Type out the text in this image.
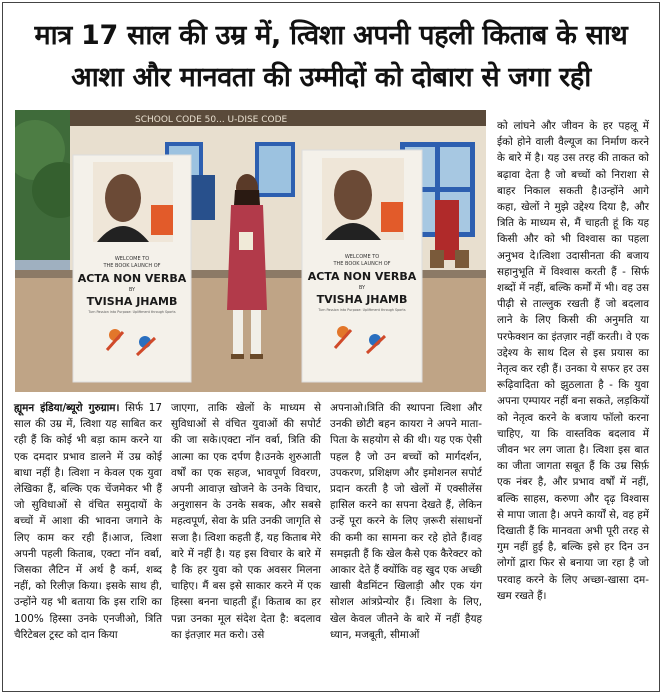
मात्र 17 साल की उम्र में, त्विशा अपनी पहली किताब के साथ
आशा और मानवता की उम्मीदों को दोबारा से जगा रही
SCHOOL CODE 50... U-DISE CODE
WELCOME TO
THE BOOK LAUNCH OF
ACTA NON VERBA
BY
TVISHA JHAMB
Turn Passion into Purpose: Upliftment through Sports
WELCOME TO
THE BOOK LAUNCH OF
ACTA NON VERBA
BY
TVISHA JHAMB
Turn Passion into Purpose: Upliftment through Sports

ह्यूमन इंडिया/ब्यूरो गुरुग्राम। सिर्फ 17 साल की उम्र में, त्विशा यह साबित कर रही हैं कि कोई भी बड़ा काम करने या एक दमदार प्रभाव डालने में उम्र कोई बाधा नहीं है। त्विशा न केवल एक युवा लेखिका हैं, बल्कि एक चेंजमेकर भी हैं जो सुविधाओं से वंचित समुदायों के बच्चों में आशा की भावना जगाने के लिए काम कर रही हैं।आज, त्विशा अपनी पहली किताब, एक्टा नॉन वर्बा, जिसका लैटिन में अर्थ है कर्म, शब्द नहीं, को रिलीज़ किया। इसके साथ ही, उन्होंने यह भी बताया कि इस राशि का 100% हिस्सा उनके एनजीओ, त्रिति चैरिटेबल ट्रस्ट को दान किया

जाएगा, ताकि खेलों के माध्यम से सुविधाओं से वंचित युवाओं की सपोर्ट की जा सके।एक्टा नॉन वर्बा, त्रिति की आत्मा का एक दर्पण है।उनके शुरुआती वर्षों का एक सहज, भावपूर्ण विवरण, अपनी आवाज़ खोजने के उनके विचार, अनुशासन के उनके सबक, और सबसे महत्वपूर्ण, सेवा के प्रति उनकी जागृति से सजा है। त्विशा कहती हैं, यह किताब मेरे बारे में नहीं है। यह इस विचार के बारे में है कि हर युवा को एक अवसर मिलना चाहिए। मैं बस इसे साकार करने में एक हिस्सा बनना चाहती हूँ। किताब का हर पन्ना उनका मूल संदेश देता है: बदलाव का इंतज़ार मत करो। उसे

अपनाओ।त्रिति की स्थापना त्विशा और उनकी छोटी बहन कायरा ने अपने माता-पिता के सहयोग से की थी। यह एक ऐसी पहल है जो उन बच्चों को मार्गदर्शन, उपकरण, प्रशिक्षण और इमोशनल सपोर्ट प्रदान करती है जो खेलों में एक्सीलेंस हासिल करने का सपना देखते हैं, लेकिन उन्हें पूरा करने के लिए ज़रूरी संसाधनों की कमी का सामना कर रहे होते हैं।वह समझती हैं कि खेल कैसे एक कैरेक्टर को आकार देते हैं क्योंकि वह खुद एक अच्छी खासी बैडमिंटन खिलाड़ी और एक यंग सोशल आंत्रप्रेन्योर हैं। त्विशा के लिए, खेल केवल जीतने के बारे में नहीं हैयह ध्यान, मजबूती, सीमाओं

को लांघने और जीवन के हर पहलू में ईको होने वाली वैल्यूज का निर्माण करने के बारे में है। यह उस तरह की ताकत को बढ़ावा देता है जो बच्चों को निराशा से बाहर निकाल सकती है।उन्होंने आगे कहा, खेलों ने मुझे उद्देश्य दिया है, और त्रिति के माध्यम से, मैं चाहती हूं कि यह किसी और को भी विश्वास का पहला अनुभव दे।त्विशा उदासीनता की बजाय सहानुभूति में विश्वास करती हैं - सिर्फ शब्दों में नहीं, बल्कि कर्मों में भी। वह उस पीढ़ी से ताल्लुक रखती हैं जो बदलाव लाने के लिए किसी की अनुमति या परफेक्शन का इंतज़ार नहीं करती। वे एक उद्देश्य के साथ दिल से इस प्रयास का नेतृत्व कर रही हैं। उनका ये सफर हर उस रूढ़िवादिता को झुठलाता है - कि युवा अपना एम्पायर नहीं बना सकते, लड़कियों को नेतृत्व करने के बजाय फॉलो करना चाहिए, या कि वास्तविक बदलाव में जीवन भर लग जाता है। त्विशा इस बात का जीता जागता सबूत हैं कि उम्र सिर्फ़ एक नंबर है, और प्रभाव वर्षों में नहीं, बल्कि साहस, करुणा और दृढ़ विश्वास से मापा जाता है। अपने कार्यों से, वह हमें दिखाती हैं कि मानवता अभी पूरी तरह से गुम नहीं हुई है, बल्कि इसे हर दिन उन लोगों द्वारा फिर से बनाया जा रहा है जो परवाह करने के लिए अच्छा-खासा दम-खम रखते हैं।
